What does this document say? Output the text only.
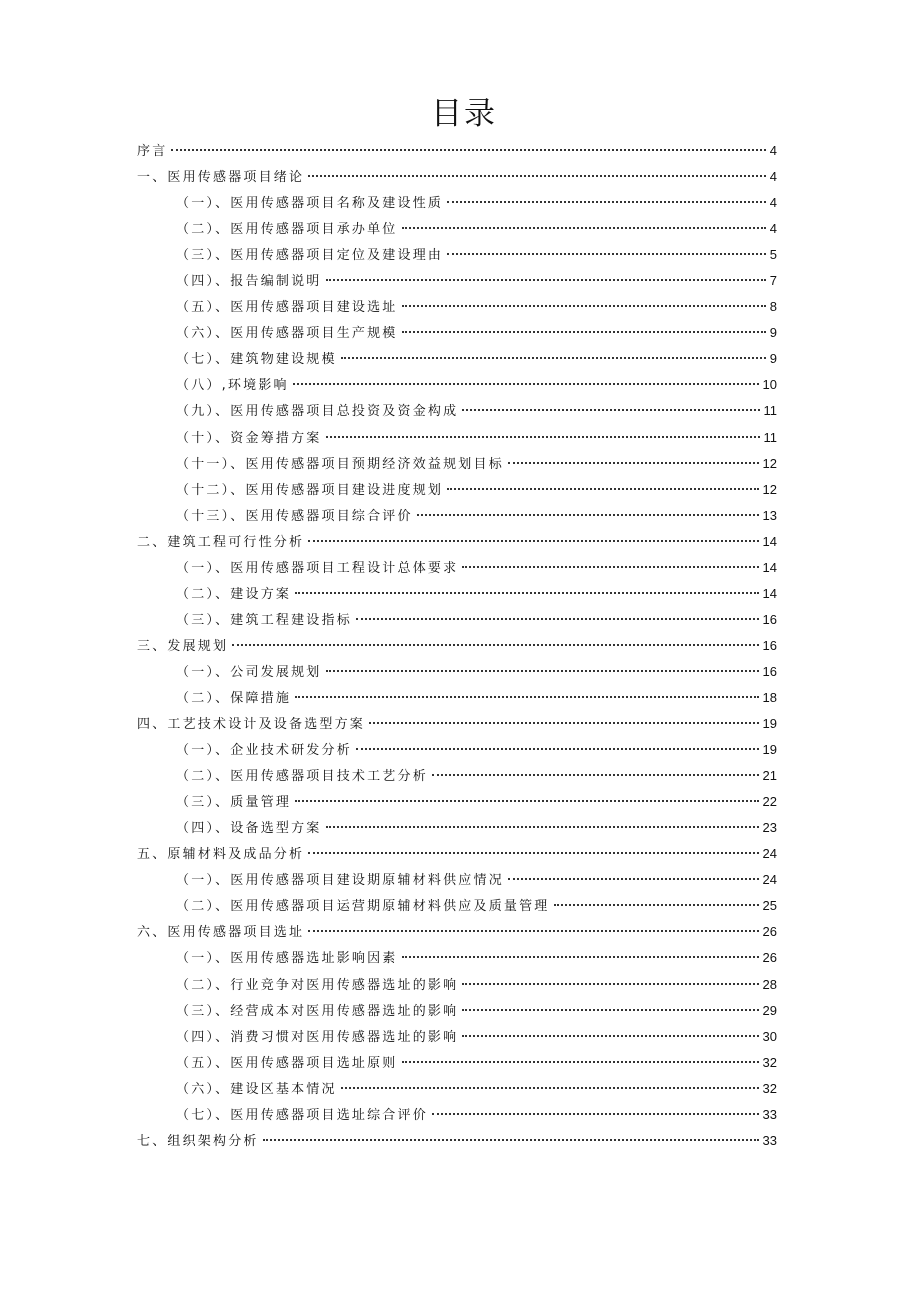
目录
序言	4
一、医用传感器项目绪论	4
（一）、医用传感器项目名称及建设性质	4
（二）、医用传感器项目承办单位	4
（三）、医用传感器项目定位及建设理由	5
（四）、报告编制说明	7
（五）、医用传感器项目建设选址	8
（六）、医用传感器项目生产规模	9
（七）、建筑物建设规模	9
（八）,环境影响	10
（九）、医用传感器项目总投资及资金构成	11
（十）、资金筹措方案	11
（十一）、医用传感器项目预期经济效益规划目标	12
（十二）、医用传感器项目建设进度规划	12
（十三）、医用传感器项目综合评价	13
二、建筑工程可行性分析	14
（一）、医用传感器项目工程设计总体要求	14
（二）、建设方案	14
（三）、建筑工程建设指标	16
三、发展规划	16
（一）、公司发展规划	16
（二）、保障措施	18
四、工艺技术设计及设备选型方案	19
（一）、企业技术研发分析	19
（二）、医用传感器项目技术工艺分析	21
（三）、质量管理	22
（四）、设备选型方案	23
五、原辅材料及成品分析	24
（一）、医用传感器项目建设期原辅材料供应情况	24
（二）、医用传感器项目运营期原辅材料供应及质量管理	25
六、医用传感器项目选址	26
（一）、医用传感器选址影响因素	26
（二）、行业竞争对医用传感器选址的影响	28
（三）、经营成本对医用传感器选址的影响	29
（四）、消费习惯对医用传感器选址的影响	30
（五）、医用传感器项目选址原则	32
（六）、建设区基本情况	32
（七）、医用传感器项目选址综合评价	33
七、组织架构分析	33
